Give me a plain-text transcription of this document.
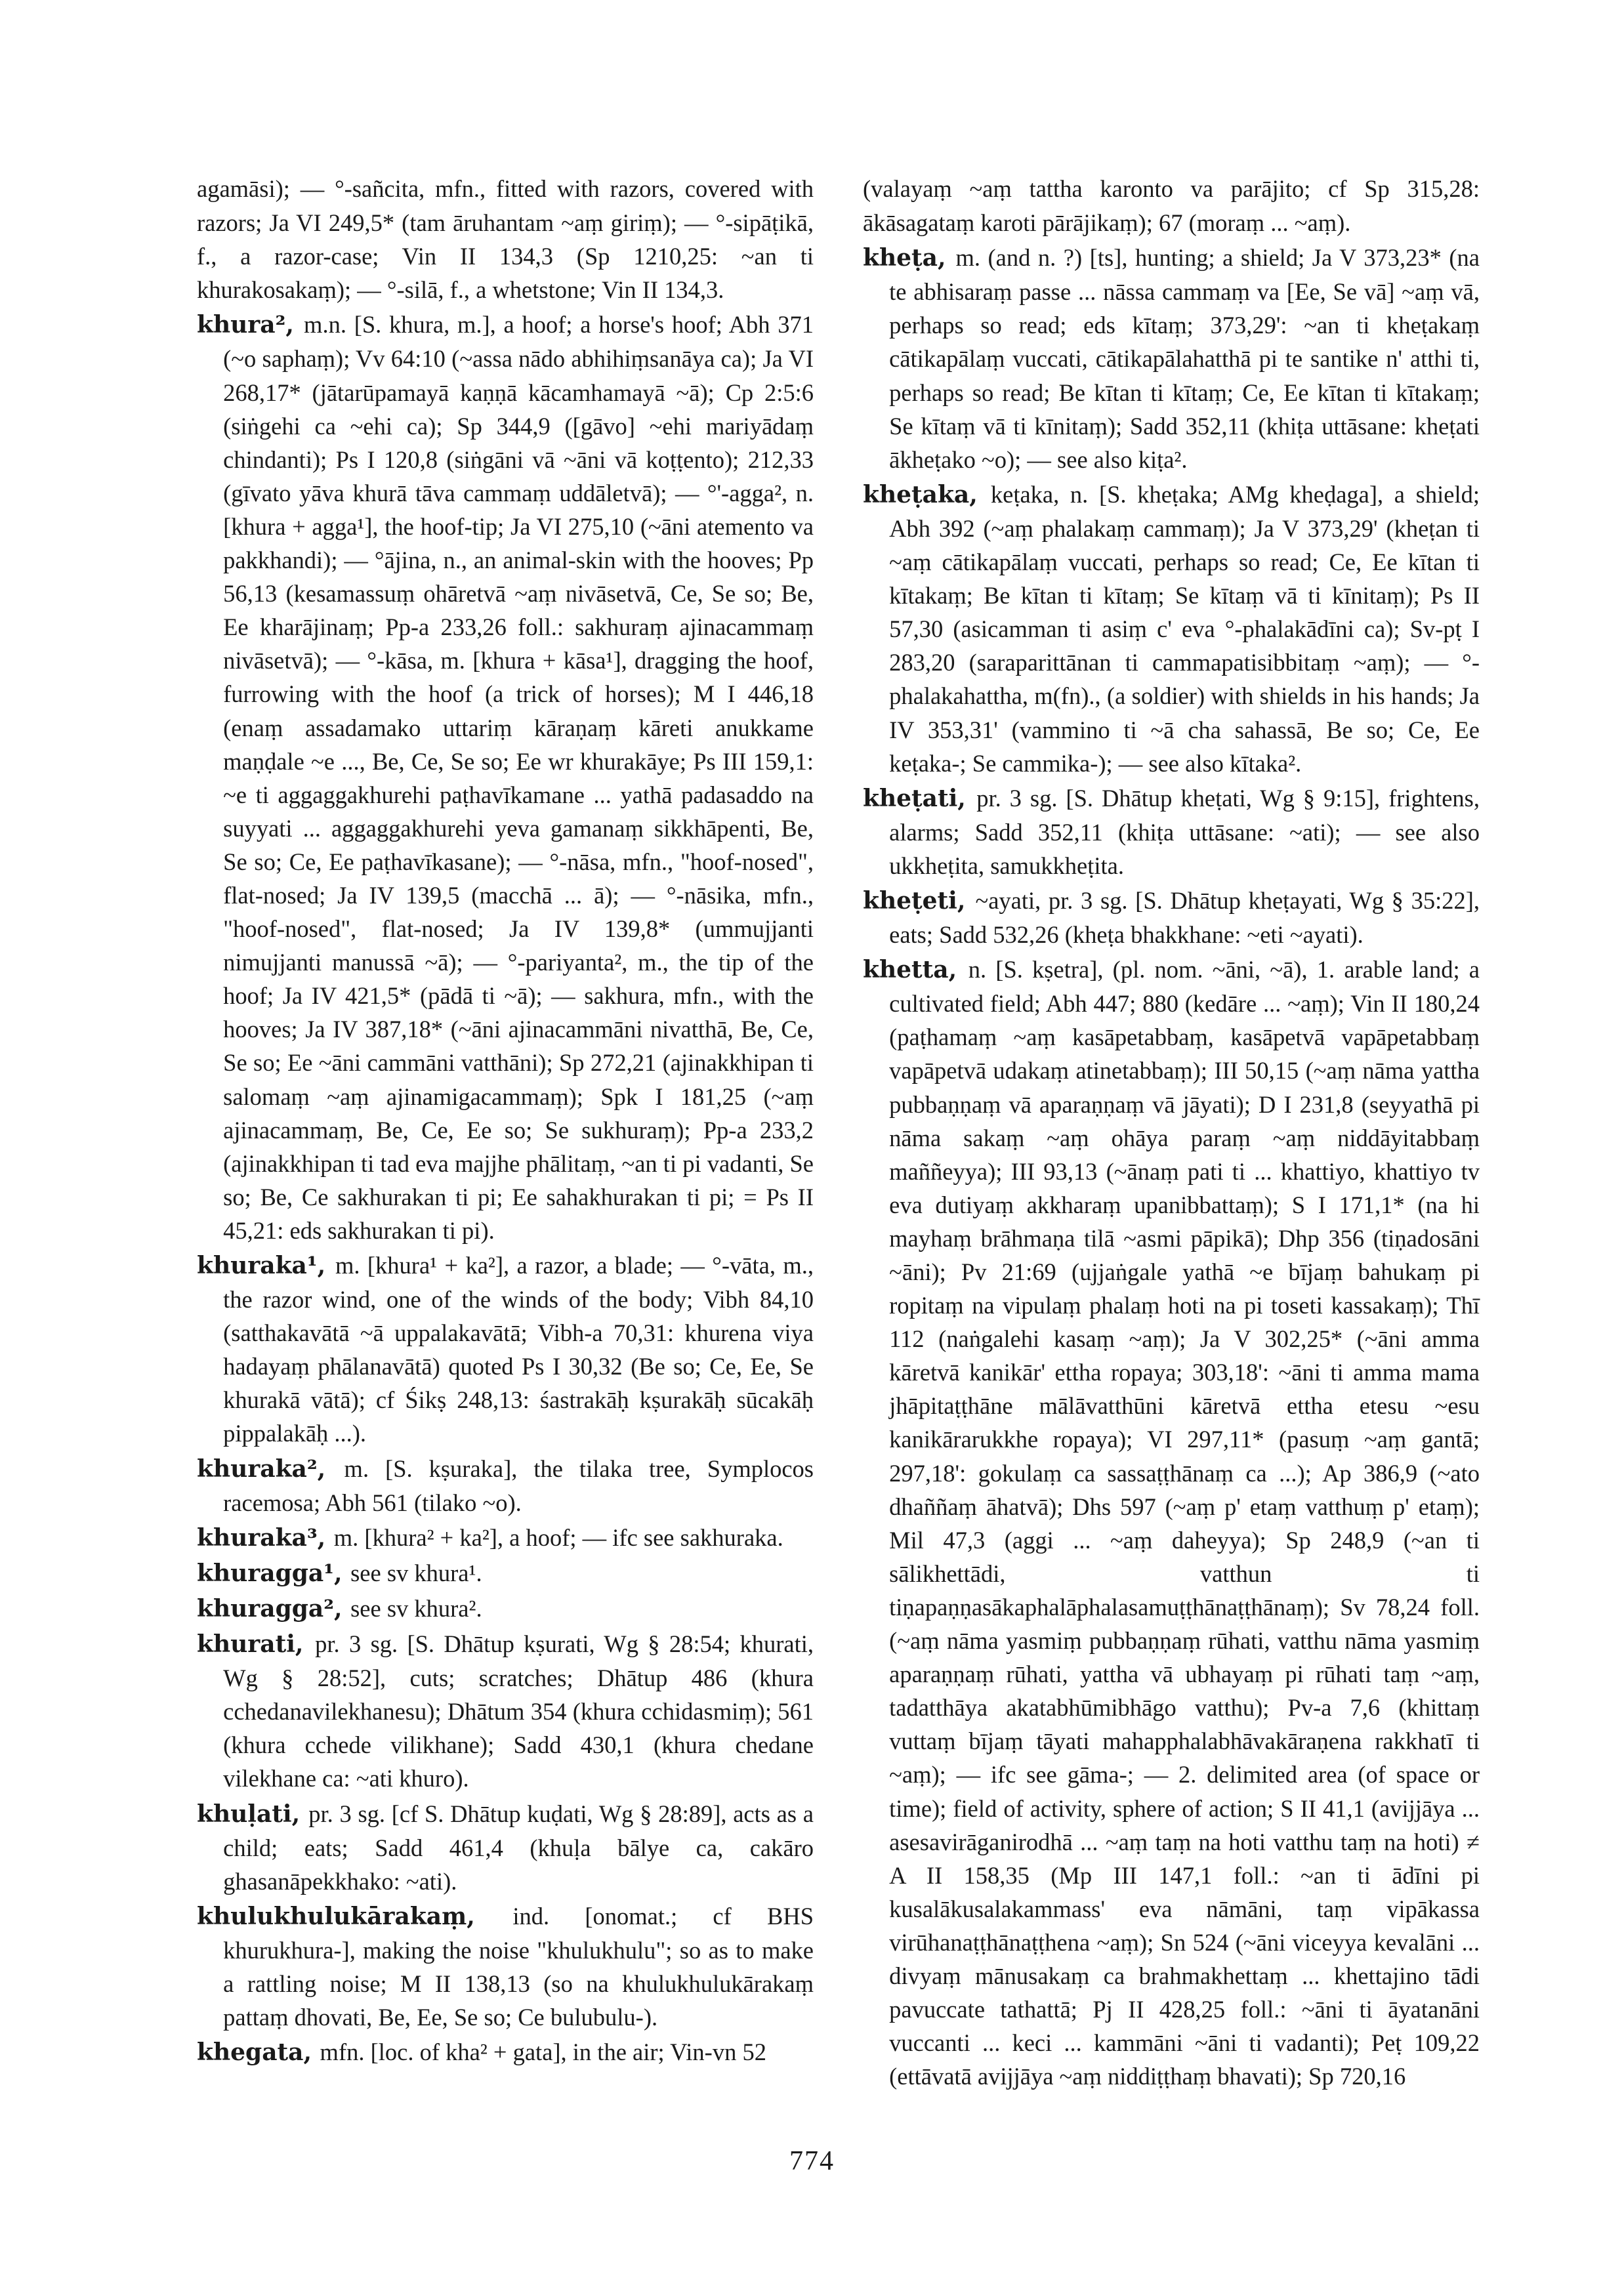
agamāsi); — °-sañcita, mfn., fitted with razors, covered with razors; Ja VI 249,5* (tam āruhantam ~aṃ giriṃ); — °-sipāṭikā, f., a razor-case; Vin II 134,3 (Sp 1210,25: ~an ti khurakosakaṃ); — °-silā, f., a whetstone; Vin II 134,3.

khura², m.n. [S. khura, m.], a hoof; a horse's hoof; Abh 371 (~o saphaṃ); Vv 64:10 (~assa nādo abhihiṃsanāya ca); Ja VI 268,17* (jātarūpamayā kaṇṇā kācamhamayā ~ā); Cp 2:5:6 (siṅgehi ca ~ehi ca); Sp 344,9 ([gāvo] ~ehi mariyādaṃ chindanti); Ps I 120,8 (siṅgāni vā ~āni vā koṭṭento); 212,33 (gīvato yāva khurā tāva cammaṃ uddāletvā); — °'-agga², n. [khura + agga¹], the hoof-tip; Ja VI 275,10 (~āni atemento va pakkhandi); — °ājina, n., an animal-skin with the hooves; Pp 56,13 (kesamassuṃ ohāretvā ~aṃ nivāsetvā, Ce, Se so; Be, Ee kharājinaṃ; Pp-a 233,26 foll.: sakhuraṃ ajinacammaṃ nivāsetvā); — °-kāsa, m. [khura + kāsa¹], dragging the hoof, furrowing with the hoof (a trick of horses); M I 446,18 (enaṃ assadamako uttariṃ kāraṇaṃ kāreti anukkame maṇḍale ~e ..., Be, Ce, Se so; Ee wr khurakāye; Ps III 159,1: ~e ti aggaggakhurehi paṭhavīkamane ... yathā padasaddo na suyyati ... aggaggakhurehi yeva gamanaṃ sikkhāpenti, Be, Se so; Ce, Ee paṭhavīkasane); — °-nāsa, mfn., "hoof-nosed", flat-nosed; Ja IV 139,5 (macchā ... ā); — °-nāsika, mfn., "hoof-nosed", flat-nosed; Ja IV 139,8* (ummujjanti nimujjanti manussā ~ā); — °-pariyanta², m., the tip of the hoof; Ja IV 421,5* (pādā ti ~ā); — sakhura, mfn., with the hooves; Ja IV 387,18* (~āni ajinacammāni nivatthā, Be, Ce, Se so; Ee ~āni cammāni vatthāni); Sp 272,21 (ajinakkhipan ti salomaṃ ~aṃ ajinamigacammaṃ); Spk I 181,25 (~aṃ ajinacammaṃ, Be, Ce, Ee so; Se sukhuraṃ); Pp-a 233,2 (ajinakkhipan ti tad eva majjhe phālitaṃ, ~an ti pi vadanti, Se so; Be, Ce sakhurakan ti pi; Ee sahakhurakan ti pi; = Ps II 45,21: eds sakhurakan ti pi).

khuraka¹, m. [khura¹ + ka²], a razor, a blade; — °-vāta, m., the razor wind, one of the winds of the body; Vibh 84,10 (satthakavātā ~ā uppalakavātā; Vibh-a 70,31: khurena viya hadayaṃ phālanavātā) quoted Ps I 30,32 (Be so; Ce, Ee, Se khurakā vātā); cf Śikṣ 248,13: śastrakāḥ kṣurakāḥ sūcakāḥ pippalakāḥ ...).

khuraka², m. [S. kṣuraka], the tilaka tree, Symplocos racemosa; Abh 561 (tilako ~o).

khuraka³, m. [khura² + ka²], a hoof; — ifc see sakhuraka.

khuragga¹, see sv khura¹.

khuragga², see sv khura².

khurati, pr. 3 sg. [S. Dhātup kṣurati, Wg § 28:54; khurati, Wg § 28:52], cuts; scratches; Dhātup 486 (khura cchedanavilekhanesu); Dhātum 354 (khura cchidasmiṃ); 561 (khura cchede vilikhane); Sadd 430,1 (khura chedane vilekhane ca: ~ati khuro).

khuḷati, pr. 3 sg. [cf S. Dhātup kuḍati, Wg § 28:89], acts as a child; eats; Sadd 461,4 (khuḷa bālye ca, cakāro ghasanāpekkhako: ~ati).

khulukhulukārakaṃ, ind. [onomat.; cf BHS khurukhura-], making the noise "khulukhulu"; so as to make a rattling noise; M II 138,13 (so na khulukhulukārakaṃ pattaṃ dhovati, Be, Ee, Se so; Ce bulubulu-).

khegata, mfn. [loc. of kha² + gata], in the air; Vin-vn 52

(valayaṃ ~aṃ tattha karonto va parājito; cf Sp 315,28: ākāsagataṃ karoti pārājikaṃ); 67 (moraṃ ... ~aṃ).

kheṭa, m. (and n. ?) [ts], hunting; a shield; Ja V 373,23* (na te abhisaraṃ passe ... nāssa cammaṃ va [Ee, Se vā] ~aṃ vā, perhaps so read; eds kītaṃ; 373,29': ~an ti kheṭakaṃ cātikapālaṃ vuccati, cātikapālahatthā pi te santike n' atthi ti, perhaps so read; Be kītan ti kītaṃ; Ce, Ee kītan ti kītakaṃ; Se kītaṃ vā ti kīnitaṃ); Sadd 352,11 (khiṭa uttāsane: kheṭati ākheṭako ~o); — see also kiṭa².

kheṭaka, keṭaka, n. [S. kheṭaka; AMg kheḍaga], a shield; Abh 392 (~aṃ phalakaṃ cammaṃ); Ja V 373,29' (kheṭan ti ~aṃ cātikapālaṃ vuccati, perhaps so read; Ce, Ee kītan ti kītakaṃ; Be kītan ti kītaṃ; Se kītaṃ vā ti kīnitaṃ); Ps II 57,30 (asicamman ti asiṃ c' eva °-phalakādīni ca); Sv-pṭ I 283,20 (saraparittānan ti cammapatisibbitaṃ ~aṃ); — °-phalakahattha, m(fn)., (a soldier) with shields in his hands; Ja IV 353,31' (vammino ti ~ā cha sahassā, Be so; Ce, Ee keṭaka-; Se cammika-); — see also kītaka².

kheṭati, pr. 3 sg. [S. Dhātup kheṭati, Wg § 9:15], frightens, alarms; Sadd 352,11 (khiṭa uttāsane: ~ati); — see also ukkheṭita, samukkheṭita.

kheṭeti, ~ayati, pr. 3 sg. [S. Dhātup kheṭayati, Wg § 35:22], eats; Sadd 532,26 (kheṭa bhakkhane: ~eti ~ayati).

khetta, n. [S. kṣetra], (pl. nom. ~āni, ~ā), 1. arable land; a cultivated field; Abh 447; 880 (kedāre ... ~aṃ); Vin II 180,24 (paṭhamaṃ ~aṃ kasāpetabbaṃ, kasāpetvā vapāpetabbaṃ vapāpetvā udakaṃ atinetabbaṃ); III 50,15 (~aṃ nāma yattha pubbaṇṇaṃ vā aparaṇṇaṃ vā jāyati); D I 231,8 (seyyathā pi nāma sakaṃ ~aṃ ohāya paraṃ ~aṃ niddāyitabbaṃ maññeyya); III 93,13 (~ānaṃ pati ti ... khattiyo, khattiyo tv eva dutiyaṃ akkharaṃ upanibbattaṃ); S I 171,1* (na hi mayhaṃ brāhmaṇa tilā ~asmi pāpikā); Dhp 356 (tiṇadosāni ~āni); Pv 21:69 (ujjaṅgale yathā ~e bījaṃ bahukaṃ pi ropitaṃ na vipulaṃ phalaṃ hoti na pi toseti kassakaṃ); Thī 112 (naṅgalehi kasaṃ ~aṃ); Ja V 302,25* (~āni amma kāretvā kanikār' ettha ropaya; 303,18': ~āni ti amma mama jhāpitaṭṭhāne mālāvatthūni kāretvā ettha etesu ~esu kanikārarukkhe ropaya); VI 297,11* (pasuṃ ~aṃ gantā; 297,18': gokulaṃ ca sassaṭṭhānaṃ ca ...); Ap 386,9 (~ato dhaññaṃ āhatvā); Dhs 597 (~aṃ p' etaṃ vatthuṃ p' etaṃ); Mil 47,3 (aggi ... ~aṃ daheyya); Sp 248,9 (~an ti sālikhettādi, vatthun ti tiṇapaṇṇasākaphalāphalasamuṭṭhānaṭṭhānaṃ); Sv 78,24 foll. (~aṃ nāma yasmiṃ pubbaṇṇaṃ rūhati, vatthu nāma yasmiṃ aparaṇṇaṃ rūhati, yattha vā ubhayaṃ pi rūhati taṃ ~aṃ, tadatthāya akatabhūmibhāgo vatthu); Pv-a 7,6 (khittaṃ vuttaṃ bījaṃ tāyati mahapphalabhāvakāraṇena rakkhatī ti ~aṃ); — ifc see gāma-; — 2. delimited area (of space or time); field of activity, sphere of action; S II 41,1 (avijjāya ... asesavirāganirodhā ... ~aṃ taṃ na hoti vatthu taṃ na hoti) ≠ A II 158,35 (Mp III 147,1 foll.: ~an ti ādīni pi kusalākusalakammass' eva nāmāni, taṃ vipākassa virūhanaṭṭhānaṭṭhena ~aṃ); Sn 524 (~āni viceyya kevalāni ... divyaṃ mānusakaṃ ca brahmakhettaṃ ... khettajino tādi pavuccate tathattā; Pj II 428,25 foll.: ~āni ti āyatanāni vuccanti ... keci ... kammāni ~āni ti vadanti); Peṭ 109,22 (ettāvatā avijjāya ~aṃ niddiṭṭhaṃ bhavati); Sp 720,16

774
